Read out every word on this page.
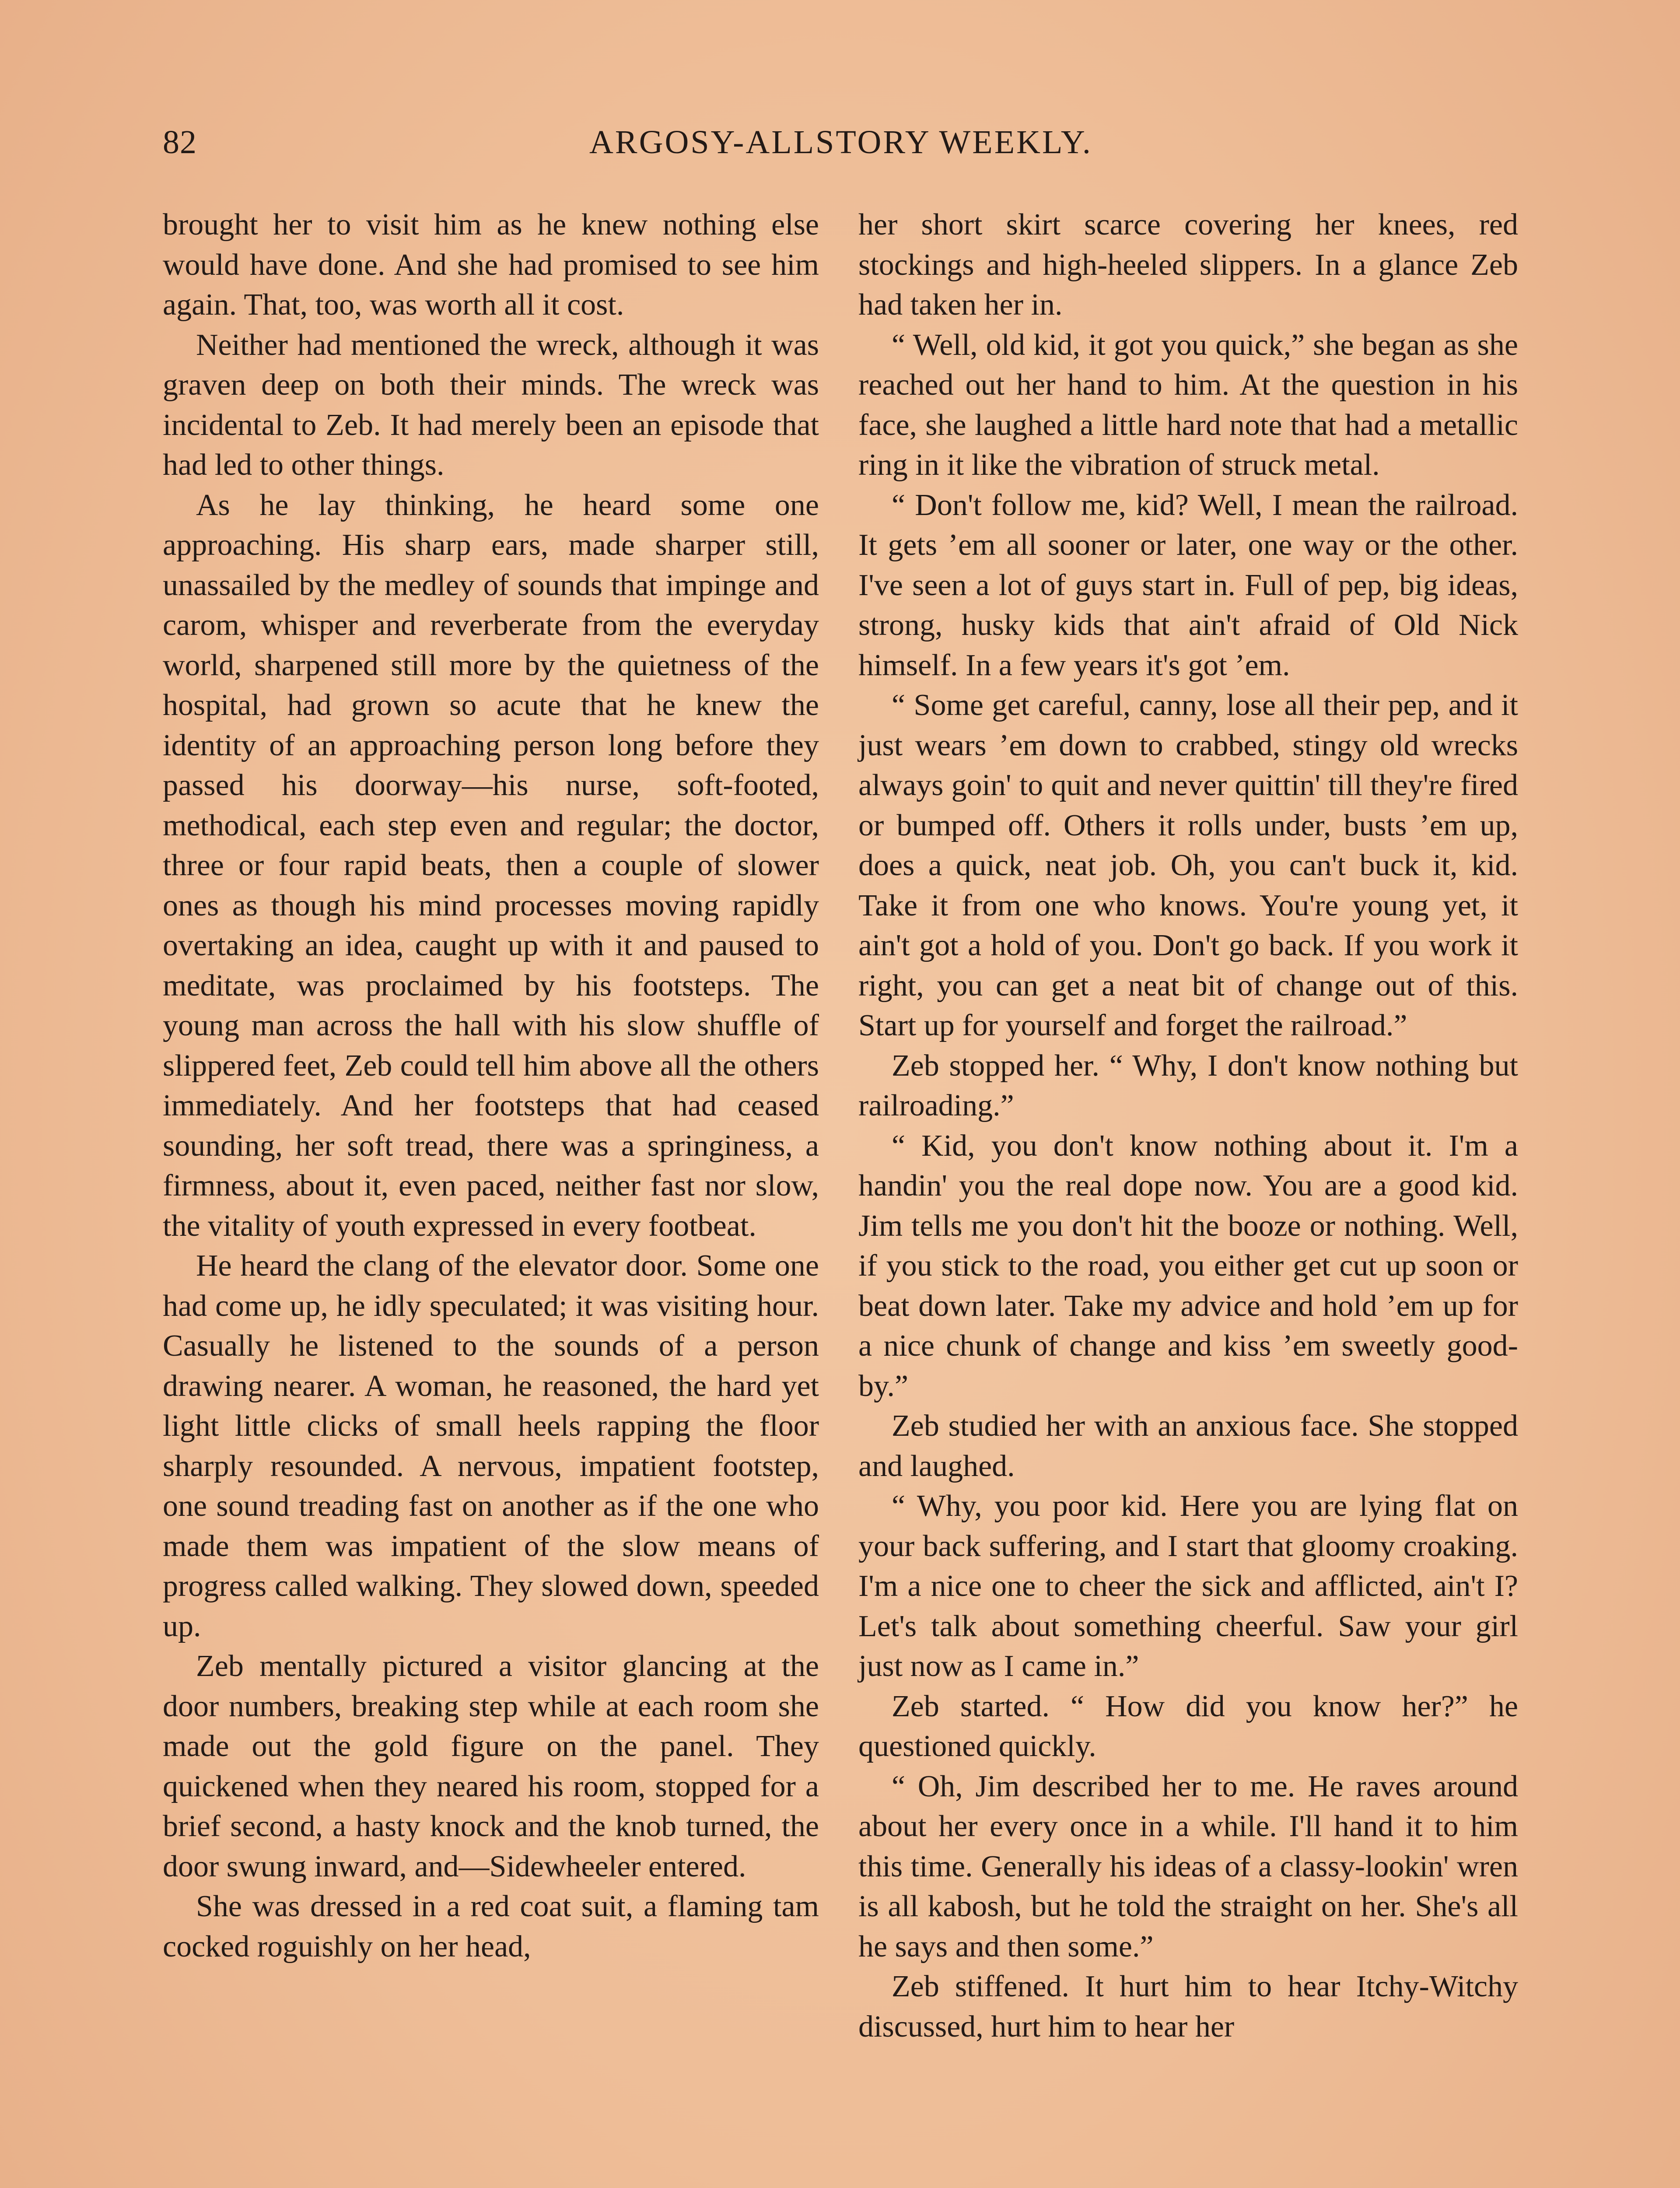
82	ARGOSY-ALLSTORY WEEKLY.

brought her to visit him as he knew nothing else would have done. And she had promised to see him again. That, too, was worth all it cost.

Neither had mentioned the wreck, although it was graven deep on both their minds. The wreck was incidental to Zeb. It had merely been an episode that had led to other things.

As he lay thinking, he heard some one approaching. His sharp ears, made sharper still, unassailed by the medley of sounds that impinge and carom, whisper and reverberate from the everyday world, sharpened still more by the quietness of the hospital, had grown so acute that he knew the identity of an approaching person long before they passed his doorway—his nurse, soft-footed, methodical, each step even and regular; the doctor, three or four rapid beats, then a couple of slower ones as though his mind processes moving rapidly overtaking an idea, caught up with it and paused to meditate, was proclaimed by his footsteps. The young man across the hall with his slow shuffle of slippered feet, Zeb could tell him above all the others immediately. And her footsteps that had ceased sounding, her soft tread, there was a springiness, a firmness, about it, even paced, neither fast nor slow, the vitality of youth expressed in every footbeat.

He heard the clang of the elevator door. Some one had come up, he idly speculated; it was visiting hour. Casually he listened to the sounds of a person drawing nearer. A woman, he reasoned, the hard yet light little clicks of small heels rapping the floor sharply resounded. A nervous, impatient footstep, one sound treading fast on another as if the one who made them was impatient of the slow means of progress called walking. They slowed down, speeded up.

Zeb mentally pictured a visitor glancing at the door numbers, breaking step while at each room she made out the gold figure on the panel. They quickened when they neared his room, stopped for a brief second, a hasty knock and the knob turned, the door swung inward, and—Sidewheeler entered.

She was dressed in a red coat suit, a flaming tam cocked roguishly on her head,

her short skirt scarce covering her knees, red stockings and high-heeled slippers. In a glance Zeb had taken her in.

“ Well, old kid, it got you quick,” she began as she reached out her hand to him. At the question in his face, she laughed a little hard note that had a metallic ring in it like the vibration of struck metal.

“ Don't follow me, kid? Well, I mean the railroad. It gets ’em all sooner or later, one way or the other. I've seen a lot of guys start in. Full of pep, big ideas, strong, husky kids that ain't afraid of Old Nick himself. In a few years it's got ’em.

“ Some get careful, canny, lose all their pep, and it just wears ’em down to crabbed, stingy old wrecks always goin' to quit and never quittin' till they're fired or bumped off. Others it rolls under, busts ’em up, does a quick, neat job. Oh, you can't buck it, kid. Take it from one who knows. You're young yet, it ain't got a hold of you. Don't go back. If you work it right, you can get a neat bit of change out of this. Start up for yourself and forget the railroad.”

Zeb stopped her. “ Why, I don't know nothing but railroading.”

“ Kid, you don't know nothing about it. I'm a handin' you the real dope now. You are a good kid. Jim tells me you don't hit the booze or nothing. Well, if you stick to the road, you either get cut up soon or beat down later. Take my advice and hold ’em up for a nice chunk of change and kiss ’em sweetly good-by.”

Zeb studied her with an anxious face. She stopped and laughed.

“ Why, you poor kid. Here you are lying flat on your back suffering, and I start that gloomy croaking. I'm a nice one to cheer the sick and afflicted, ain't I? Let's talk about something cheerful. Saw your girl just now as I came in.”

Zeb started. “ How did you know her?” he questioned quickly.

“ Oh, Jim described her to me. He raves around about her every once in a while. I'll hand it to him this time. Generally his ideas of a classy-lookin' wren is all kabosh, but he told the straight on her. She's all he says and then some.”

Zeb stiffened. It hurt him to hear Itchy-Witchy discussed, hurt him to hear her
